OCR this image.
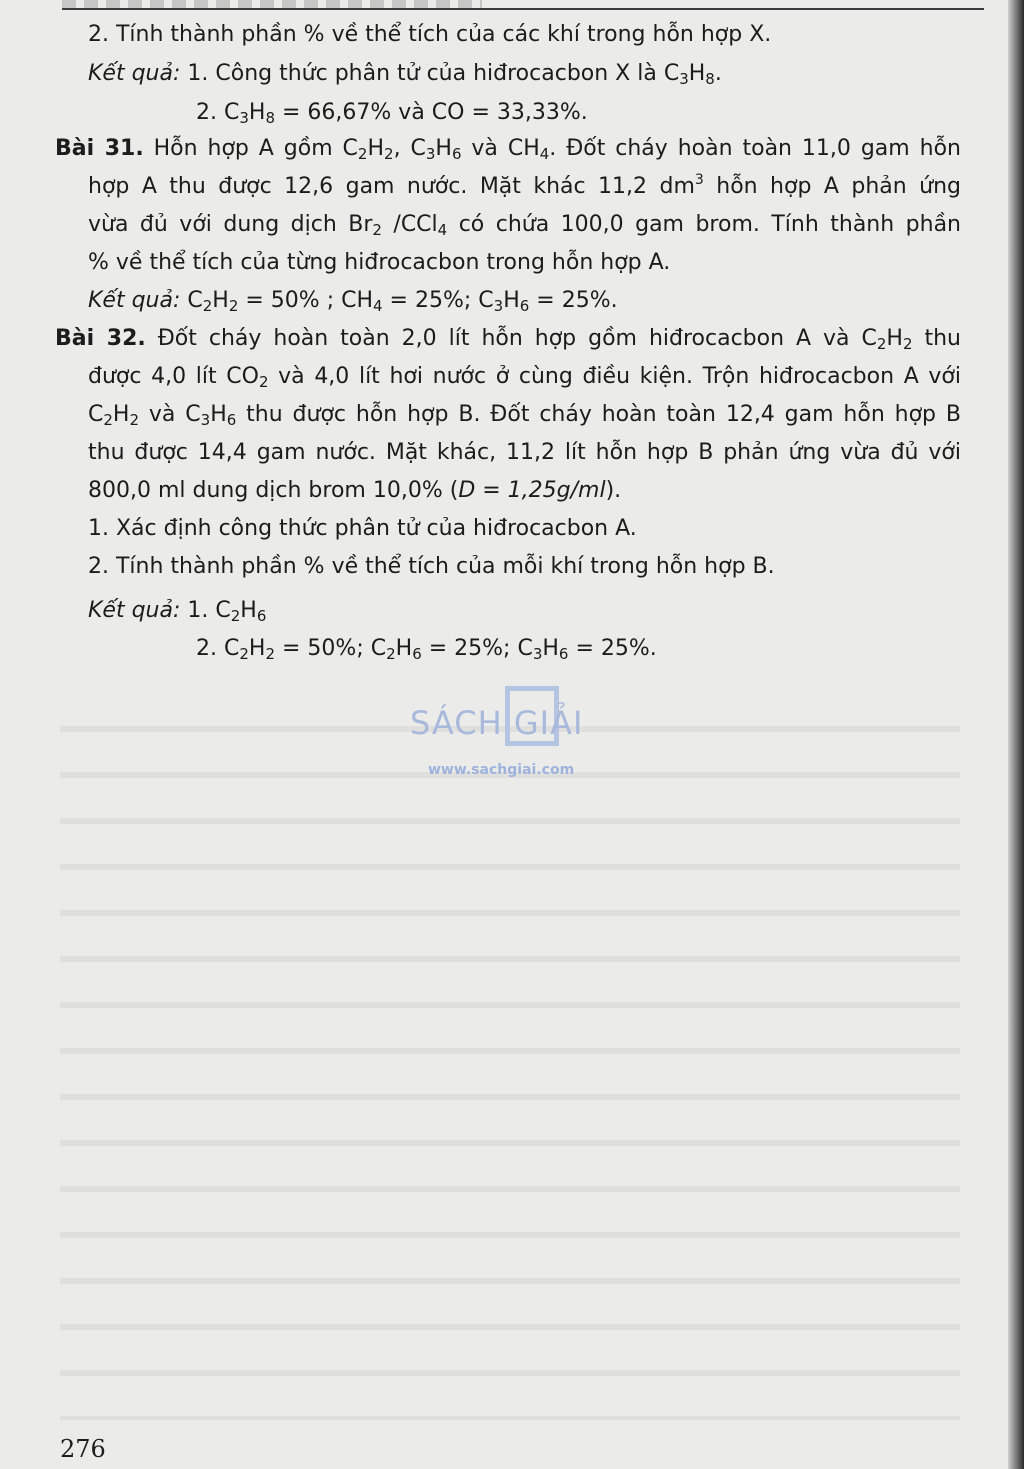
2. Tính thành phần % về thể tích của các khí trong hỗn hợp X.
Kết quả: 1. Công thức phân tử của hiđrocacbon X là $C_3H_8$.
2. $C_3H_8 = 66,67\%$ và CO = 33,33%.
Bài 31. Hỗn hợp A gồm $C_2H_2$, $C_3H_6$ và $CH_4$. Đốt cháy hoàn toàn 11,0 gam hỗn
hợp A thu được 12,6 gam nước. Mặt khác 11,2 $dm^3$ hỗn hợp A phản ứng
vừa đủ với dung dịch $Br_2$ /CCl$_4$ có chứa 100,0 gam brom. Tính thành phần
% về thể tích của từng hiđrocacbon trong hỗn hợp A.
Kết quả: $C_2H_2 = 50\%$ ; $CH_4 = 25\%$; $C_3H_6 = 25\%$.
Bài 32. Đốt cháy hoàn toàn 2,0 lít hỗn hợp gồm hiđrocacbon A và $C_2H_2$ thu
được 4,0 lít $CO_2$ và 4,0 lít hơi nước ở cùng điều kiện. Trộn hiđrocacbon A với
$C_2H_2$ và $C_3H_6$ thu được hỗn hợp B. Đốt cháy hoàn toàn 12,4 gam hỗn hợp B
thu được 14,4 gam nước. Mặt khác, 11,2 lít hỗn hợp B phản ứng vừa đủ với
800,0 ml dung dịch brom 10,0% (D = 1,25g/ml).
1. Xác định công thức phân tử của hiđrocacbon A.
2. Tính thành phần % về thể tích của mỗi khí trong hỗn hợp B.
Kết quả: 1. $C_2H_6$
2. $C_2H_2 = 50\%$; $C_2H_6 = 25\%$; $C_3H_6 = 25\%$.
SÁCH GIẢI
www.sachgiai.com
276
